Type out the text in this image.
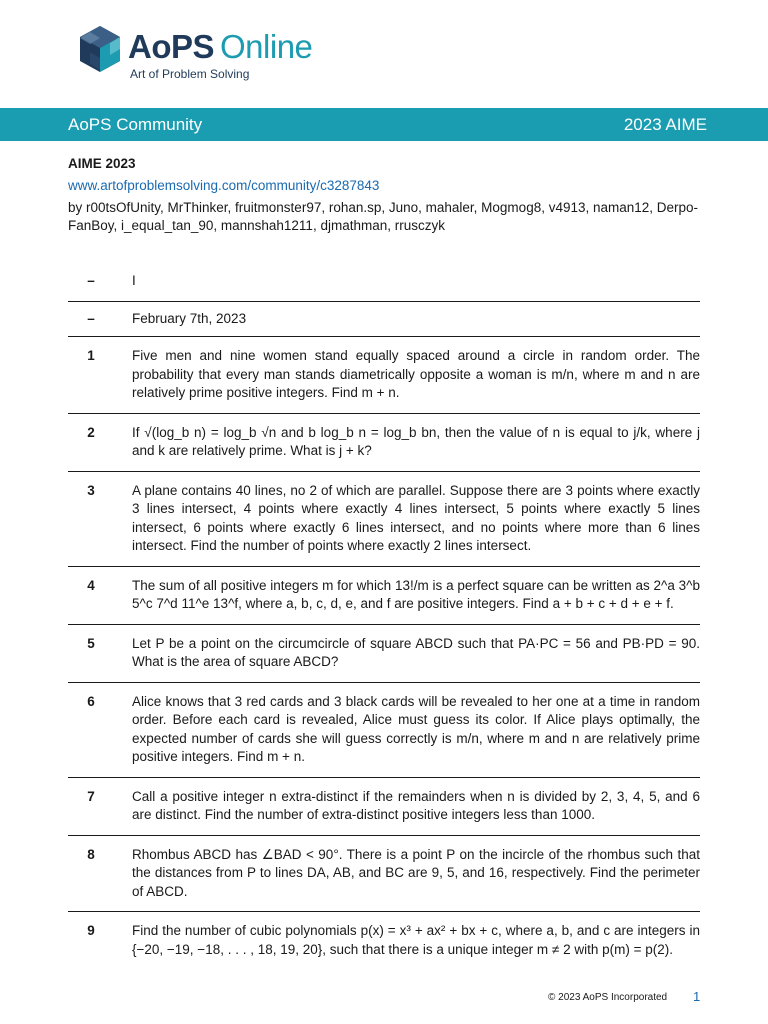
AoPS Online
Art of Problem Solving
AoPS Community	2023 AIME
AIME 2023
www.artofproblemsolving.com/community/c3287843
by r00tsOfUnity, MrThinker, fruitmonster97, rohan.sp, Juno, mahaler, Mogmog8, v4913, naman12, Derpo-FanBoy, i_equal_tan_90, mannshah1211, djmathman, rrusczyk
–	I
–	February 7th, 2023
1	Five men and nine women stand equally spaced around a circle in random order. The probability that every man stands diametrically opposite a woman is m/n, where m and n are relatively prime positive integers. Find m + n.
2	If √(log_b n) = log_b √n and b log_b n = log_b bn, then the value of n is equal to j/k, where j and k are relatively prime. What is j + k?
3	A plane contains 40 lines, no 2 of which are parallel. Suppose there are 3 points where exactly 3 lines intersect, 4 points where exactly 4 lines intersect, 5 points where exactly 5 lines intersect, 6 points where exactly 6 lines intersect, and no points where more than 6 lines intersect. Find the number of points where exactly 2 lines intersect.
4	The sum of all positive integers m for which 13!/m is a perfect square can be written as 2^a 3^b 5^c 7^d 11^e 13^f, where a, b, c, d, e, and f are positive integers. Find a + b + c + d + e + f.
5	Let P be a point on the circumcircle of square ABCD such that PA·PC = 56 and PB·PD = 90. What is the area of square ABCD?
6	Alice knows that 3 red cards and 3 black cards will be revealed to her one at a time in random order. Before each card is revealed, Alice must guess its color. If Alice plays optimally, the expected number of cards she will guess correctly is m/n, where m and n are relatively prime positive integers. Find m + n.
7	Call a positive integer n extra-distinct if the remainders when n is divided by 2, 3, 4, 5, and 6 are distinct. Find the number of extra-distinct positive integers less than 1000.
8	Rhombus ABCD has ∠BAD < 90°. There is a point P on the incircle of the rhombus such that the distances from P to lines DA, AB, and BC are 9, 5, and 16, respectively. Find the perimeter of ABCD.
9	Find the number of cubic polynomials p(x) = x³ + ax² + bx + c, where a, b, and c are integers in {−20, −19, −18, . . . , 18, 19, 20}, such that there is a unique integer m ≠ 2 with p(m) = p(2).
© 2023 AoPS Incorporated 1
